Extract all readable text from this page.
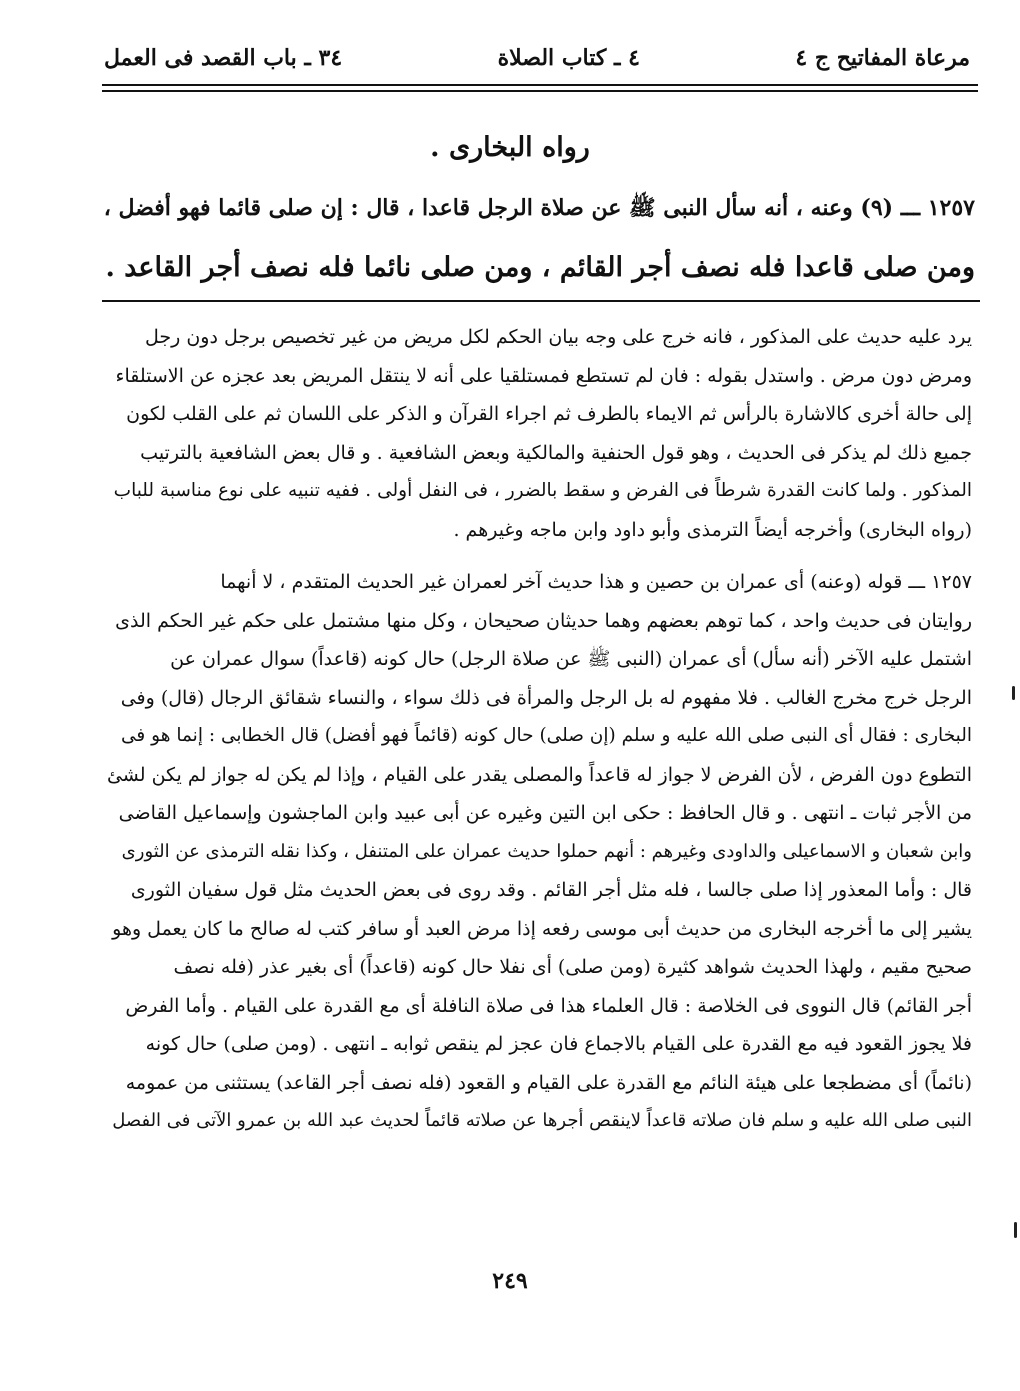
مرعاة المفاتيح ج ٤
٤ ـ كتاب الصلاة
٣٤ ـ باب القصد فى العمل
رواه البخارى .
١٢٥٧ ـــ (٩) وعنه ، أنه سأل النبى ﷺ عن صلاة الرجل قاعدا ، قال : إن صلى قائما فهو أفضل ،
ومن صلى قاعدا فله نصف أجر القائم ، ومن صلى نائما فله نصف أجر القاعد .
يرد عليه حديث على المذكور ، فانه خرج على وجه بيان الحكم لكل مريض من غير تخصيص برجل دون رجل
ومرض دون مرض . واستدل بقوله : فان لم تستطع فمستلقيا على أنه لا ينتقل المريض بعد عجزه عن الاستلقاء
إلى حالة أخرى كالاشارة بالرأس ثم الايماء بالطرف ثم اجراء القرآن و الذكر على اللسان ثم على القلب لكون
جميع ذلك لم يذكر فى الحديث ، وهو قول الحنفية والمالكية وبعض الشافعية . و قال بعض الشافعية بالترتيب
المذكور . ولما كانت القدرة شرطاً فى الفرض و سقط بالضرر ، فى النفل أولى . ففيه تنبيه على نوع مناسبة للباب
(رواه البخارى) وأخرجه أيضاً الترمذى وأبو داود وابن ماجه وغيرهم .
١٢٥٧ ـــ قوله (وعنه) أى عمران بن حصين و هذا حديث آخر لعمران غير الحديث المتقدم ، لا أنهما
روايتان فى حديث واحد ، كما توهم بعضهم وهما حديثان صحيحان ، وكل منها مشتمل على حكم غير الحكم الذى
اشتمل عليه الآخر (أنه سأل) أى عمران (النبى ﷺ عن صلاة الرجل) حال كونه (قاعداً) سوال عمران عن
الرجل خرج مخرج الغالب . فلا مفهوم له بل الرجل والمرأة فى ذلك سواء ، والنساء شقائق الرجال (قال) وفى
البخارى : فقال أى النبى صلى الله عليه و سلم (إن صلى) حال كونه (قائماً فهو أفضل) قال الخطابى : إنما هو فى
التطوع دون الفرض ، لأن الفرض لا جواز له قاعداً والمصلى يقدر على القيام ، وإذا لم يكن له جواز لم يكن لشئ
من الأجر ثبات ـ انتهى . و قال الحافظ : حكى ابن التين وغيره عن أبى عبيد وابن الماجشون وإسماعيل القاضى
وابن شعبان و الاسماعيلى والداودى وغيرهم : أنهم حملوا حديث عمران على المتنفل ، وكذا نقله الترمذى عن الثورى
قال : وأما المعذور إذا صلى جالسا ، فله مثل أجر القائم . وقد روى فى بعض الحديث مثل قول سفيان الثورى
يشير إلى ما أخرجه البخارى من حديث أبى موسى رفعه إذا مرض العبد أو سافر كتب له صالح ما كان يعمل وهو
صحيح مقيم ، ولهذا الحديث شواهد كثيرة (ومن صلى) أى نفلا حال كونه (قاعداً) أى بغير عذر (فله نصف
أجر القائم) قال النووى فى الخلاصة : قال العلماء هذا فى صلاة النافلة أى مع القدرة على القيام . وأما الفرض
فلا يجوز القعود فيه مع القدرة على القيام بالاجماع فان عجز لم ينقص ثوابه ـ انتهى . (ومن صلى) حال كونه
(نائماً) أى مضطجعا على هيئة النائم مع القدرة على القيام و القعود (فله نصف أجر القاعد) يستثنى من عمومه
النبى صلى الله عليه و سلم فان صلاته قاعداً لاينقص أجرها عن صلاته قائماً لحديث عبد الله بن عمرو الآتى فى الفصل
٢٤٩
